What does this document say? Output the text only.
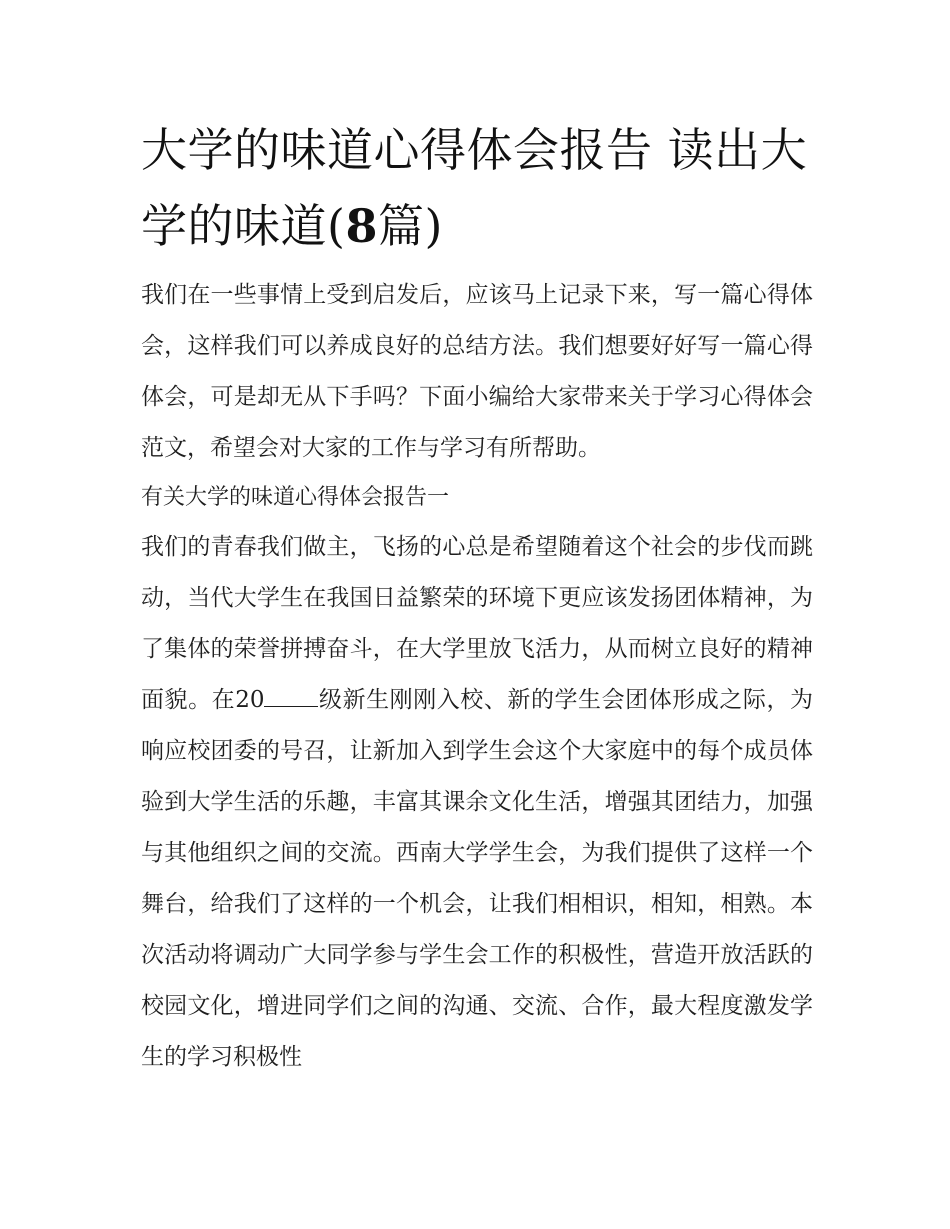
大学的味道心得体会报告 读出大学的味道(8篇)

我们在一些事情上受到启发后，应该马上记录下来，写一篇心得体会，这样我们可以养成良好的总结方法。我们想要好好写一篇心得体会，可是却无从下手吗？下面小编给大家带来关于学习心得体会范文，希望会对大家的工作与学习有所帮助。

有关大学的味道心得体会报告一

我们的青春我们做主，飞扬的心总是希望随着这个社会的步伐而跳动，当代大学生在我国日益繁荣的环境下更应该发扬团体精神，为了集体的荣誉拼搏奋斗，在大学里放飞活力，从而树立良好的精神面貌。在20 级新生刚刚入校、新的学生会团体形成之际，为响应校团委的号召，让新加入到学生会这个大家庭中的每个成员体验到大学生活的乐趣，丰富其课余文化生活，增强其团结力，加强与其他组织之间的交流。西南大学学生会，为我们提供了这样一个舞台，给我们了这样的一个机会，让我们相相识，相知，相熟。本次活动将调动广大同学参与学生会工作的积极性，营造开放活跃的校园文化，增进同学们之间的沟通、交流、合作，最大程度激发学生的学习积极性
